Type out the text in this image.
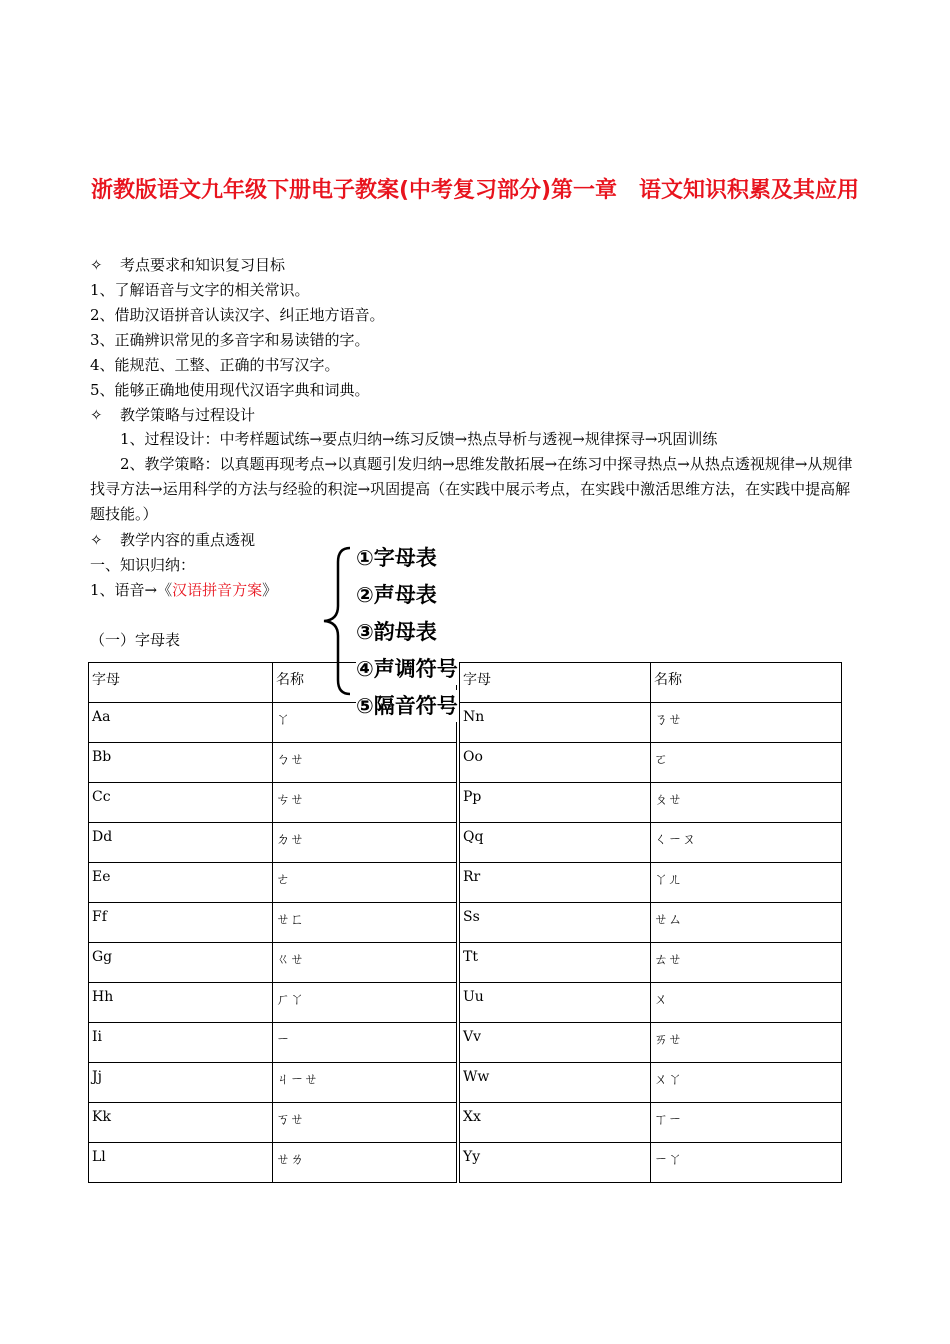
浙教版语文九年级下册电子教案(中考复习部分)第一章　语文知识积累及其应用
✧ 考点要求和知识复习目标
1、了解语音与文字的相关常识。
2、借助汉语拼音认读汉字、纠正地方语音。
3、正确辨识常见的多音字和易读错的字。
4、能规范、工整、正确的书写汉字。
5、能够正确地使用现代汉语字典和词典。
✧ 教学策略与过程设计
1、过程设计：中考样题试练→要点归纳→练习反馈→热点导析与透视→规律探寻→巩固训练
2、教学策略：以真题再现考点→以真题引发归纳→思维发散拓展→在练习中探寻热点→从热点透视规律→从规律找寻方法→运用科学的方法与经验的积淀→巩固提高（在实践中展示考点，在实践中激活思维方法，在实践中提高解题技能。）
✧ 教学内容的重点透视
一、知识归纳：
1、语音→《汉语拼音方案》
（一）字母表
①字母表
②声母表
③韵母表
④声调符号
⑤隔音符号
字母	名称		字母	名称
Aa	ㄚ		Nn	ㄋㄝ
Bb	ㄅㄝ		Oo	ㄛ
Cc	ㄘㄝ		Pp	ㄆㄝ
Dd	ㄉㄝ		Qq	ㄑㄧㄡ
Ee	ㄜ		Rr	ㄚㄦ
Ff	ㄝㄈ		Ss	ㄝㄙ
Gg	ㄍㄝ		Tt	ㄊㄝ
Hh	ㄏㄚ		Uu	ㄨ
Ii	ㄧ		Vv	ㄞㄝ
Jj	ㄐㄧㄝ		Ww	ㄨㄚ
Kk	ㄎㄝ		Xx	ㄒㄧ
Ll	ㄝㄌ		Yy	ㄧㄚ
